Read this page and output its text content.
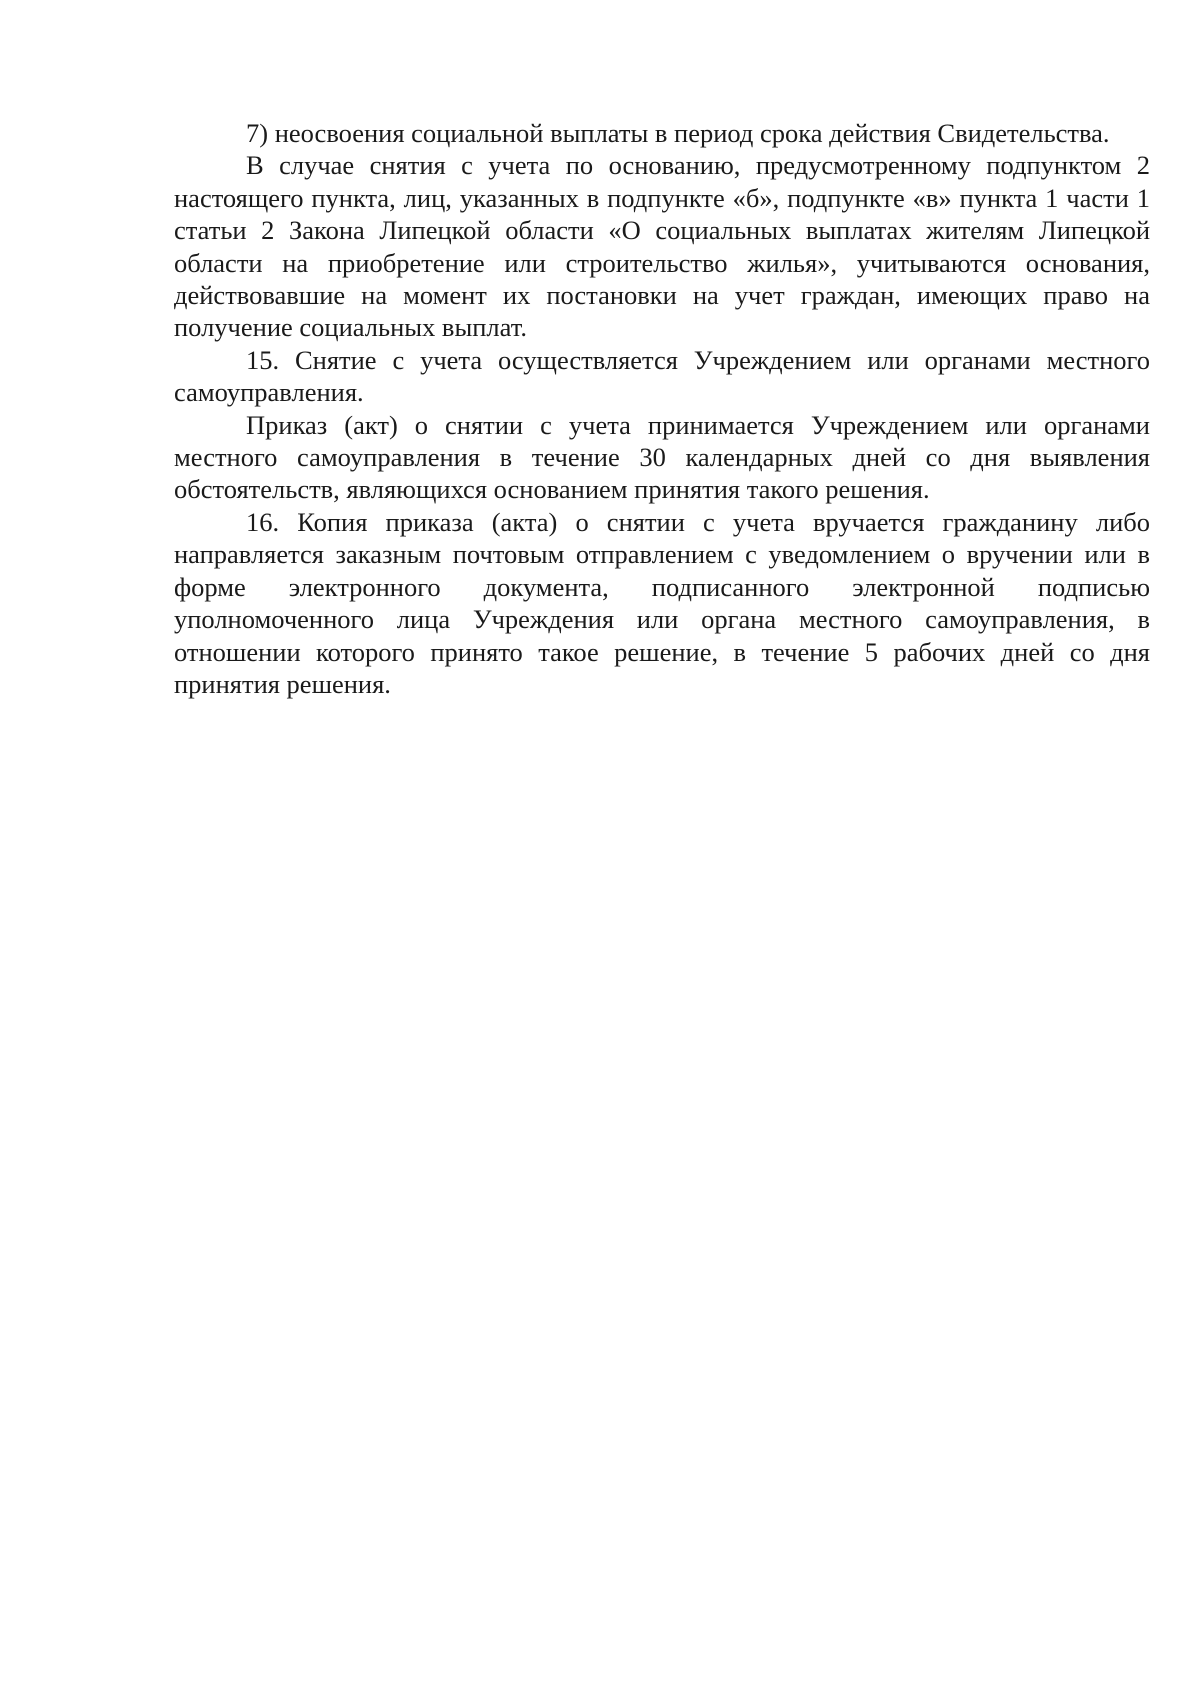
7) неосвоения социальной выплаты в период срока действия Свидетельства.

В случае снятия с учета по основанию, предусмотренному подпунктом 2 настоящего пункта, лиц, указанных в подпункте «б», подпункте «в» пункта 1 части 1 статьи 2 Закона Липецкой области «О социальных выплатах жителям Липецкой области на приобретение или строительство жилья», учитываются основания, действовавшие на момент их постановки на учет граждан, имеющих право на получение социальных выплат.

15. Снятие с учета осуществляется Учреждением или органами местного самоуправления.

Приказ (акт) о снятии с учета принимается Учреждением или органами местного самоуправления в течение 30 календарных дней со дня выявления обстоятельств, являющихся основанием принятия такого решения.

16. Копия приказа (акта) о снятии с учета вручается гражданину либо направляется заказным почтовым отправлением с уведомлением о вручении или в форме электронного документа, подписанного электронной подписью уполномоченного лица Учреждения или органа местного самоуправления, в отношении которого принято такое решение, в течение 5 рабочих дней со дня принятия решения.
